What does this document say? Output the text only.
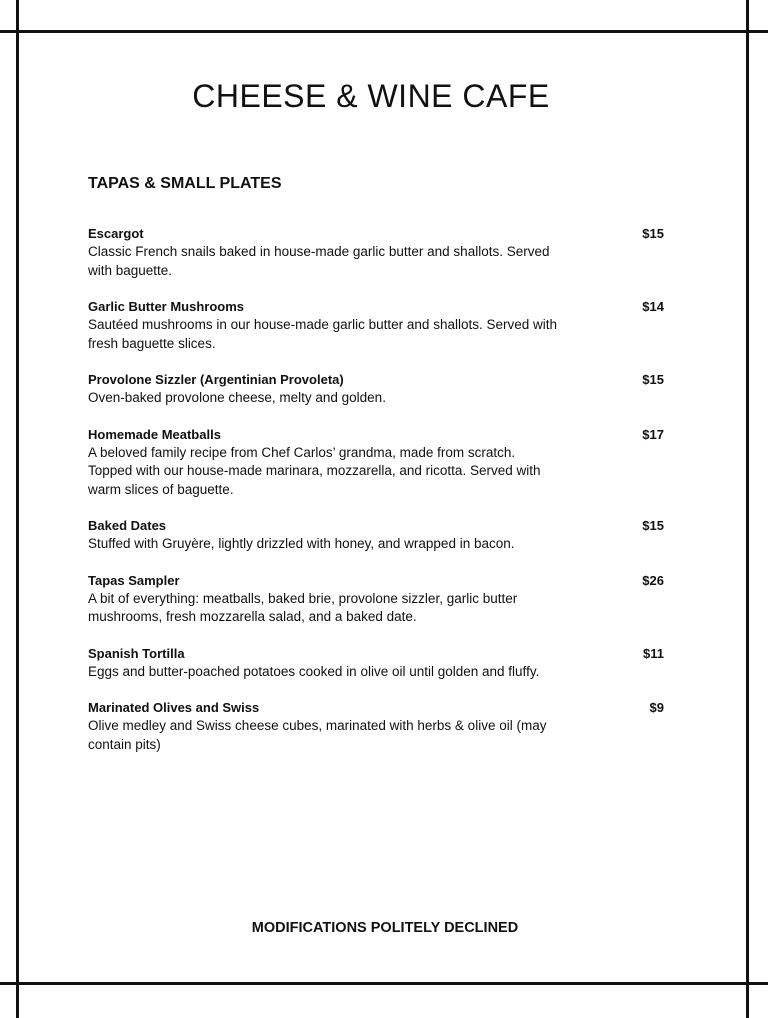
CHEESE & WINE CAFE
TAPAS & SMALL PLATES
Escargot	$15
Classic French snails baked in house-made garlic butter and shallots. Served with baguette.
Garlic Butter Mushrooms	$14
Sautéed mushrooms in our house-made garlic butter and shallots. Served with fresh baguette slices.
Provolone Sizzler (Argentinian Provoleta)	$15
Oven-baked provolone cheese, melty and golden.
Homemade Meatballs	$17
A beloved family recipe from Chef Carlos’ grandma, made from scratch. Topped with our house-made marinara, mozzarella, and ricotta. Served with warm slices of baguette.
Baked Dates	$15
Stuffed with Gruyère, lightly drizzled with honey, and wrapped in bacon.
Tapas Sampler	$26
A bit of everything: meatballs, baked brie, provolone sizzler, garlic butter mushrooms, fresh mozzarella salad, and a baked date.
Spanish Tortilla	$11
Eggs and butter-poached potatoes cooked in olive oil until golden and fluffy.
Marinated Olives and Swiss	$9
Olive medley and Swiss cheese cubes, marinated with herbs & olive oil (may contain pits)

MODIFICATIONS POLITELY DECLINED
